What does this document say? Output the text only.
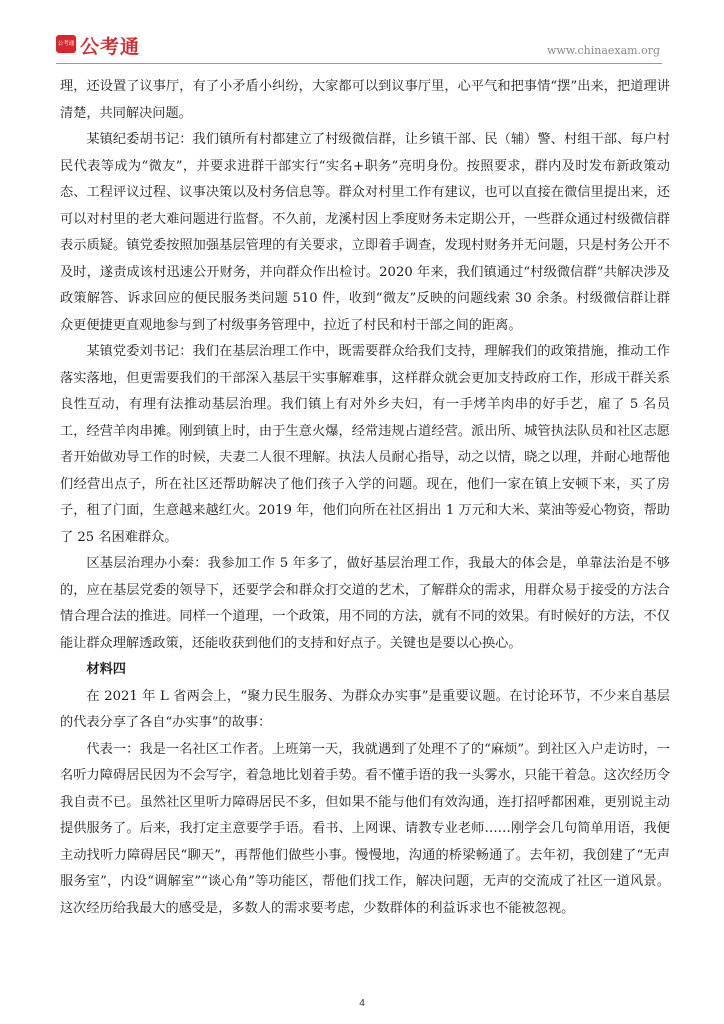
公考通 公考通	www.chinaexam.org

理，还设置了议事厅，有了小矛盾小纠纷，大家都可以到议事厅里，心平气和把事情“摆”出来，把道理讲清楚，共同解决问题。

某镇纪委胡书记：我们镇所有村都建立了村级微信群，让乡镇干部、民（辅）警、村组干部、每户村民代表等成为“微友”，并要求进群干部实行“实名+职务”亮明身份。按照要求，群内及时发布新政策动态、工程评议过程、议事决策以及村务信息等。群众对村里工作有建议，也可以直接在微信里提出来，还可以对村里的老大难问题进行监督。不久前，龙溪村因上季度财务未定期公开，一些群众通过村级微信群表示质疑。镇党委按照加强基层管理的有关要求，立即着手调查，发现村财务并无问题，只是村务公开不及时，遂责成该村迅速公开财务，并向群众作出检讨。2020 年来，我们镇通过“村级微信群”共解决涉及政策解答、诉求回应的便民服务类问题 510 件，收到“微友”反映的问题线索 30 余条。村级微信群让群众更便捷更直观地参与到了村级事务管理中，拉近了村民和村干部之间的距离。

某镇党委刘书记：我们在基层治理工作中，既需要群众给我们支持，理解我们的政策措施，推动工作落实落地，但更需要我们的干部深入基层干实事解难事，这样群众就会更加支持政府工作，形成干群关系良性互动，有理有法推动基层治理。我们镇上有对外乡夫妇，有一手烤羊肉串的好手艺，雇了 5 名员工，经营羊肉串摊。刚到镇上时，由于生意火爆，经常违规占道经营。派出所、城管执法队员和社区志愿者开始做劝导工作的时候，夫妻二人很不理解。执法人员耐心指导，动之以情，晓之以理，并耐心地帮他们经营出点子，所在社区还帮助解决了他们孩子入学的问题。现在，他们一家在镇上安顿下来，买了房子，租了门面，生意越来越红火。2019 年，他们向所在社区捐出 1 万元和大米、菜油等爱心物资，帮助了 25 名困难群众。

区基层治理办小秦：我参加工作 5 年多了，做好基层治理工作，我最大的体会是，单靠法治是不够的，应在基层党委的领导下，还要学会和群众打交道的艺术，了解群众的需求，用群众易于接受的方法合情合理合法的推进。同样一个道理，一个政策，用不同的方法，就有不同的效果。有时候好的方法，不仅能让群众理解透政策，还能收获到他们的支持和好点子。关键也是要以心换心。

材料四

在 2021 年 L 省两会上，“聚力民生服务、为群众办实事”是重要议题。在讨论环节，不少来自基层的代表分享了各自“办实事”的故事：

代表一：我是一名社区工作者。上班第一天，我就遇到了处理不了的“麻烦”。到社区入户走访时，一名听力障碍居民因为不会写字，着急地比划着手势。看不懂手语的我一头雾水，只能干着急。这次经历令我自责不已。虽然社区里听力障碍居民不多，但如果不能与他们有效沟通，连打招呼都困难，更别说主动提供服务了。后来，我打定主意要学手语。看书、上网课、请教专业老师……刚学会几句简单用语，我便主动找听力障碍居民“聊天”，再帮他们做些小事。慢慢地，沟通的桥梁畅通了。去年初，我创建了“无声服务室”，内设“调解室”“谈心角”等功能区，帮他们找工作，解决问题，无声的交流成了社区一道风景。这次经历给我最大的感受是，多数人的需求要考虑，少数群体的利益诉求也不能被忽视。

4
